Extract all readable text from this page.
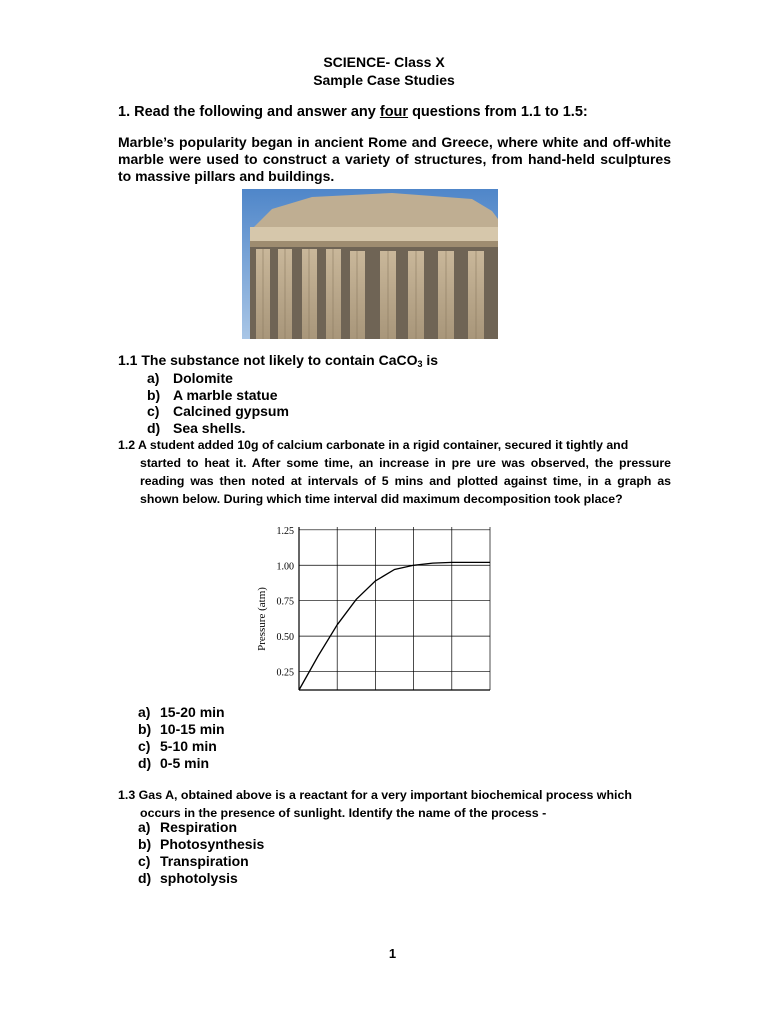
SCIENCE- Class X
Sample Case Studies
1. Read the following and answer any four questions from 1.1 to 1.5:
Marble’s popularity began in ancient Rome and Greece, where white and off-white marble were used to construct a variety of structures, from hand-held sculptures to massive pillars and buildings.
1.1 The substance not likely to contain CaCO$_3$ is
a) Dolomite
b) A marble statue
c) Calcined gypsum
d) Sea shells.
1.2 A student added 10g of calcium carbonate in a rigid container, secured it tightly and
started to heat it. After some time, an increase in pre ure was observed, the pressure reading was then noted at intervals of 5 mins and plotted against time, in a graph as shown below. During which time interval did maximum decomposition took place?
0.25
0.50
0.75
1.00
1.25
Pressure (atm)
a) 15-20 min
b) 10-15 min
c) 5-10 min
d) 0-5 min
1.3 Gas A, obtained above is a reactant for a very important biochemical process which
occurs in the presence of sunlight. Identify the name of the process -
a) Respiration
b) Photosynthesis
c) Transpiration
d) sphotolysis
1
